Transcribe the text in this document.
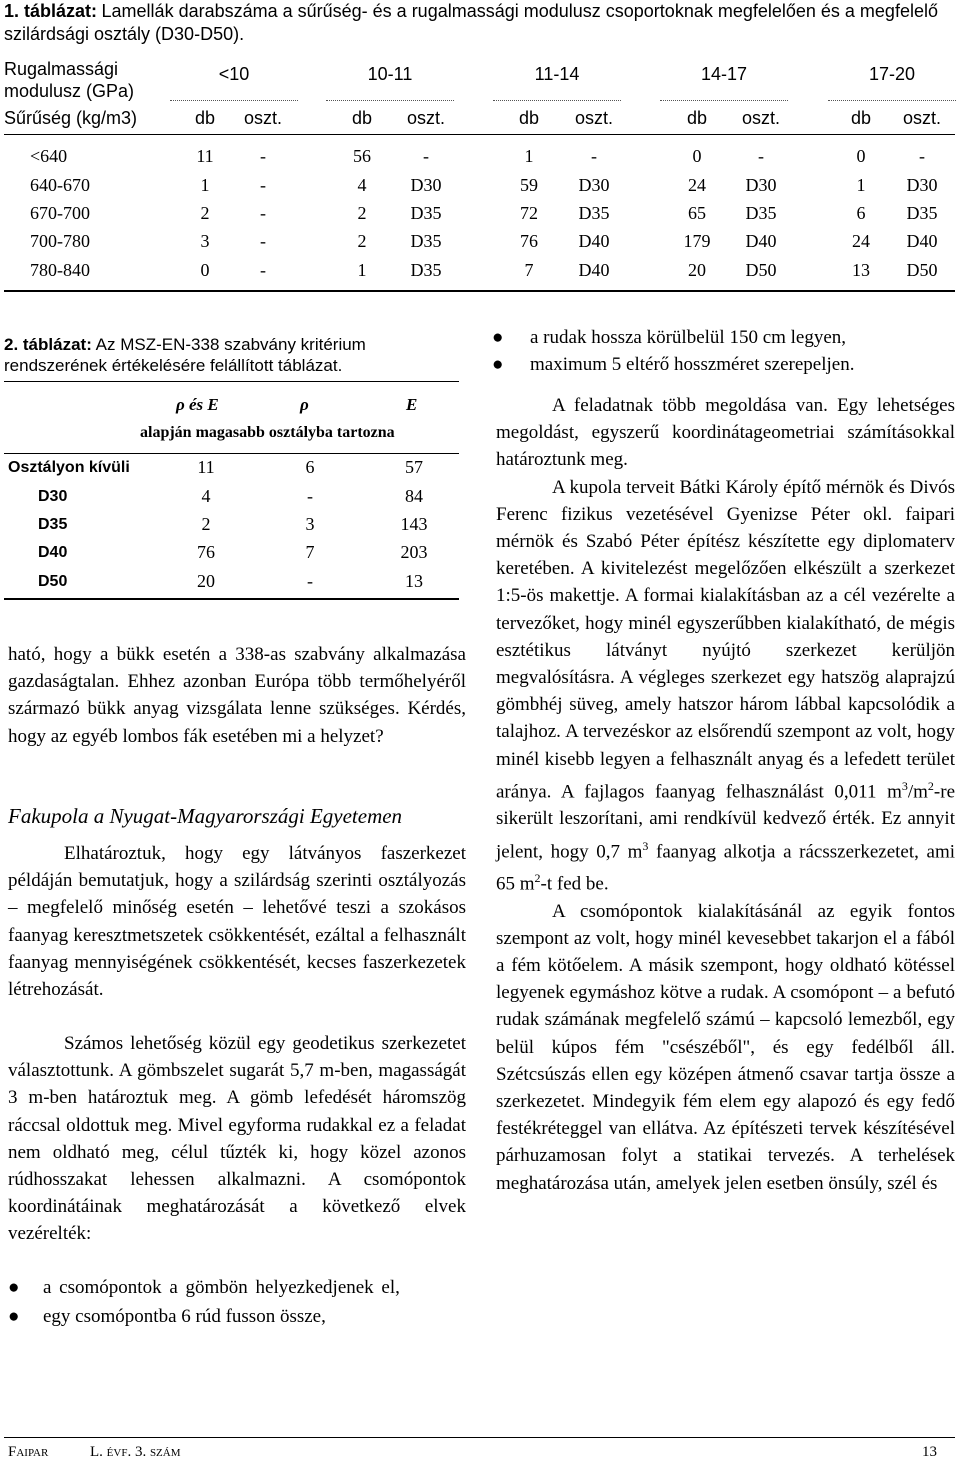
1. táblázat: Lamellák darabszáma a sűrűség- és a rugalmassági modulusz csoportoknak megfelelően és a megfelelő szilárdsági osztály (D30-D50).
Rugalmassági
modulusz (GPa)
<10	10-11	11-14	14-17	17-20
Sűrűség (kg/m3)	db	oszt.	db	oszt.	db	oszt.	db	oszt.	db	oszt.
<640	11	-	56	-	1	-	0	-	0	-
640-670	1	-	4	D30	59	D30	24	D30	1	D30
670-700	2	-	2	D35	72	D35	65	D35	6	D35
700-780	3	-	2	D35	76	D40	179	D40	24	D40
780-840	0	-	1	D35	7	D40	20	D50	13	D50
2. táblázat: Az MSZ-EN-338 szabvány kritérium rendszerének értékelésére felállított táblázat.
ρ és E	ρ	E
alapján magasabb osztályba tartozna
Osztályon kívüli	11	6	57
D30	4	-	84
D35	2	3	143
D40	76	7	203
D50	20	-	13
ható, hogy a bükk esetén a 338-as szabvány alkalmazása gazdaságtalan. Ehhez azonban Európa több termőhelyéről származó bükk anyag vizsgálata lenne szükséges. Kérdés, hogy az egyéb lombos fák esetében mi a helyzet?
Fakupola a Nyugat-Magyarországi Egyetemen
Elhatároztuk, hogy egy látványos faszerkezet példáján bemutatjuk, hogy a szilárdság szerinti osztályozás – megfelelő minőség esetén – lehetővé teszi a szokásos faanyag keresztmetszetek csökkentését, ezáltal a felhasznált faanyag mennyiségének csökkentését, kecses faszerkezetek létrehozását.
Számos lehetőség közül egy geodetikus szerkezetet választottunk. A gömbszelet sugarát 5,7 m-ben, magasságát 3 m-ben határoztuk meg. A gömb lefedését háromszög ráccsal oldottuk meg. Mivel egyforma rudakkal ez a feladat nem oldható meg, célul tűzték ki, hogy közel azonos rúdhosszakat lehessen alkalmazni. A csomópontok koordinátáinak meghatározását a következő elvek vezérelték:
●	a csomópontok a gömbön helyezkedjenek el,
●	egy csomópontba 6 rúd fusson össze,
●	a rudak hossza körülbelül 150 cm legyen,
●	maximum 5 eltérő hosszméret szerepeljen.

A feladatnak több megoldása van. Egy lehetséges megoldást, egyszerű koordinátageometriai számításokkal határoztunk meg.

A kupola terveit Bátki Károly építő mérnök és Divós Ferenc fizikus vezetésével Gyenizse Péter okl. faipari mérnök és Szabó Péter építész készítette egy diplomaterv keretében. A kivitelezést megelőzően elkészült a szerkezet 1:5-ös makettje. A formai kialakításban az a cél vezérelte a tervezőket, hogy minél egyszerűbben kialakítható, de mégis esztétikus látványt nyújtó szerkezet kerüljön megvalósításra. A végleges szerkezet egy hatszög alaprajzú gömbhéj süveg, amely hatszor három lábbal kapcsolódik a talajhoz. A tervezéskor az elsőrendű szempont az volt, hogy minél kisebb legyen a felhasznált anyag és a lefedett terület aránya. A fajlagos faanyag felhasználást 0,011 $m^3/m^2-re$ sikerült leszorítani, ami rendkívül kedvező érték. Ez annyit jelent, hogy 0,7 $m^3$ faanyag alkotja a rácsszerkezetet, ami 65 $m^2-t$ fed be.

A csomópontok kialakításánál az egyik fontos szempont az volt, hogy minél kevesebbet takarjon el a fából a fém kötőelem. A másik szempont, hogy oldható kötéssel legyenek egymáshoz kötve a rudak. A csomópont – a befutó rudak számának megfelelő számú – kapcsoló lemezből, egy belül kúpos fém "csészéből", és egy fedélből áll. Szétcsúszás ellen egy középen átmenő csavar tartja össze a szerkezetet. Mindegyik fém elem egy alapozó és egy fedő festékréteggel van ellátva. Az építészeti tervek készítésével párhuzamosan folyt a statikai tervezés. A terhelések meghatározása után, amelyek jelen esetben önsúly, szél és

Faipar	L. évf. 3. szám	13
